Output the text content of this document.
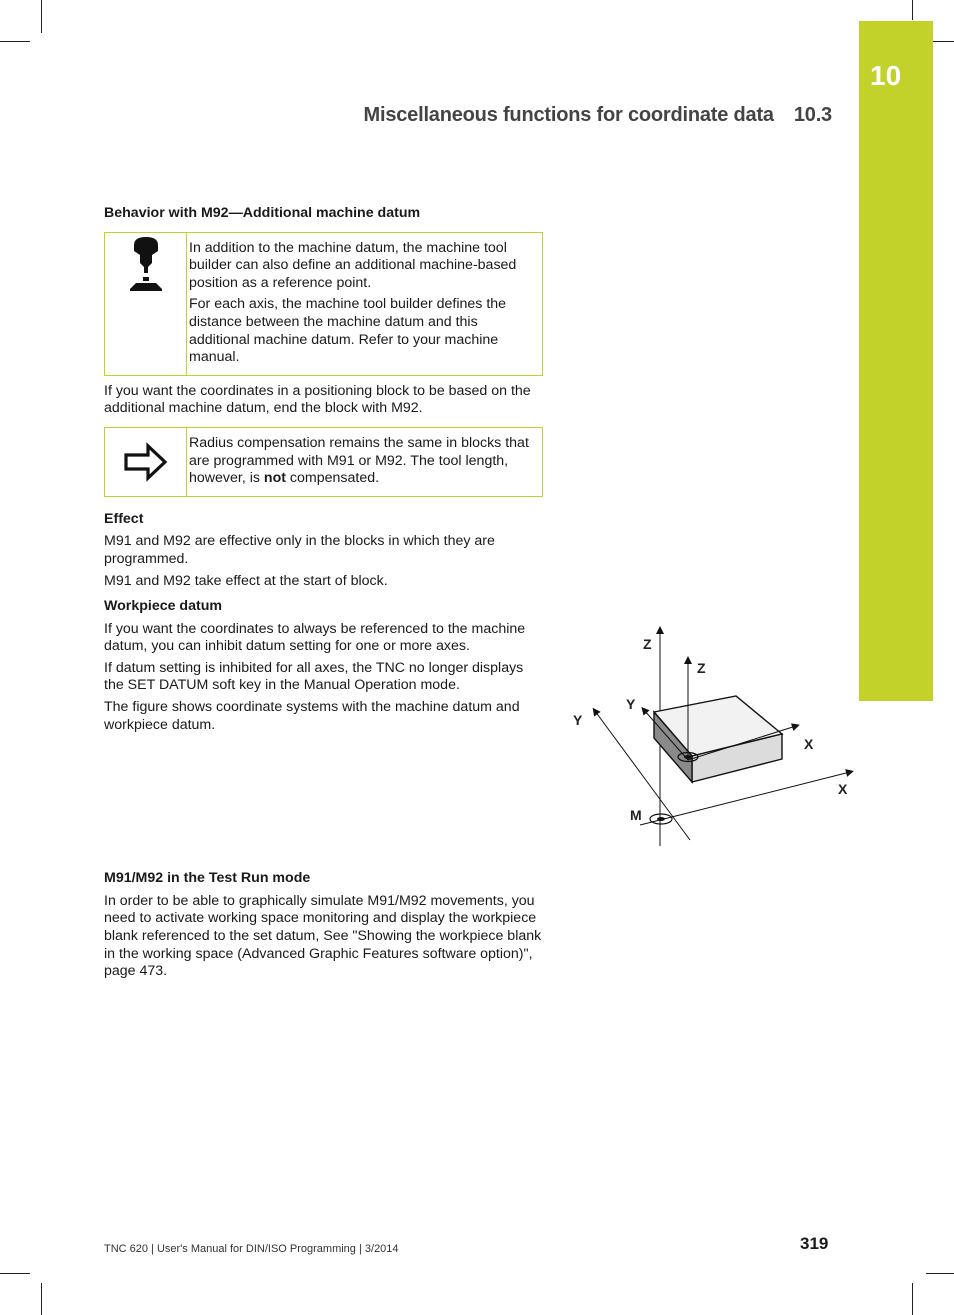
10
Miscellaneous functions for coordinate data 10.3
Behavior with M92—Additional machine datum
In addition to the machine datum, the machine tool builder can also define an additional machine-based position as a reference point.
For each axis, the machine tool builder defines the distance between the machine datum and this additional machine datum. Refer to your machine manual.
If you want the coordinates in a positioning block to be based on the additional machine datum, end the block with M92.
Radius compensation remains the same in blocks that are programmed with M91 or M92. The tool length, however, is not compensated.
Effect
M91 and M92 are effective only in the blocks in which they are programmed.
M91 and M92 take effect at the start of block.
Workpiece datum
If you want the coordinates to always be referenced to the machine datum, you can inhibit datum setting for one or more axes.
If datum setting is inhibited for all axes, the TNC no longer displays the SET DATUM soft key in the Manual Operation mode.
The figure shows coordinate systems with the machine datum and workpiece datum.
M91/M92 in the Test Run mode
In order to be able to graphically simulate M91/M92 movements, you need to activate working space monitoring and display the workpiece blank referenced to the set datum, See "Showing the workpiece blank in the working space (Advanced Graphic Features software option)", page 473.
Z
Y
X
Z
Y
X
M
TNC 620 | User's Manual for DIN/ISO Programming | 3/2014	319
